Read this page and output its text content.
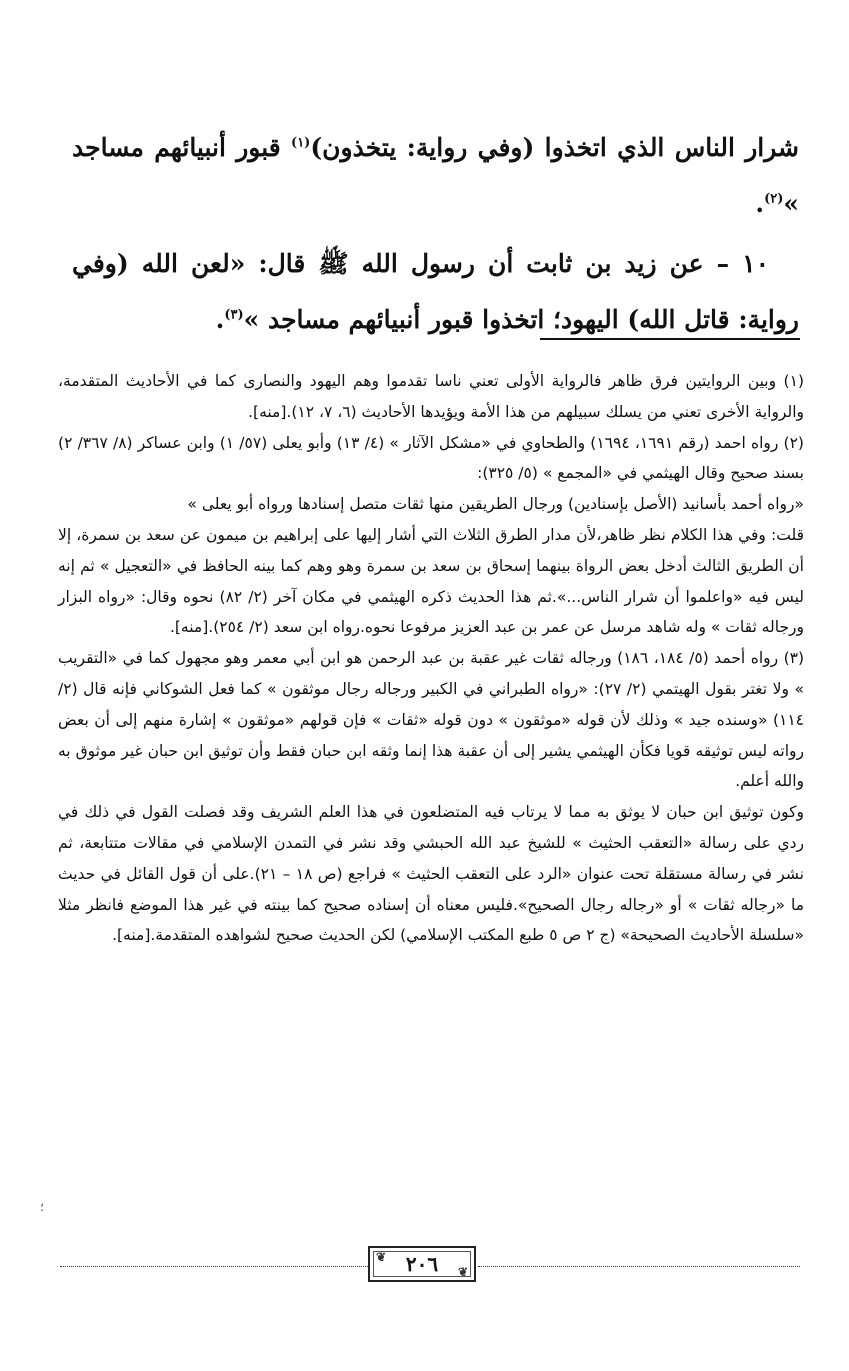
شرار الناس الذي اتخذوا (وفي رواية: يتخذون)$^{(١)}$ قبور أنبيائهم مساجد »$^{(٢)}$.

١٠ – عن زيد بن ثابت أن رسول الله ﷺ قال: «لعن الله (وفي رواية: قاتل الله) اليهود؛ اتخذوا قبور أنبيائهم مساجد »$^{(٣)}$.

(١) وبين الروايتين فرق ظاهر فالرواية الأولى تعني ناسا تقدموا وهم اليهود والنصارى كما في الأحاديث المتقدمة، والرواية الأخرى تعني من يسلك سبيلهم من هذا الأمة ويؤيدها الأحاديث (٦، ٧، ١٢).[منه].

(٢) رواه احمد (رقم ١٦٩١، ١٦٩٤) والطحاوي في «مشكل الآثار » (٤/ ١٣) وأبو يعلى (٥٧/ ١) وابن عساكر (٨/ ٣٦٧/ ٢) بسند صحيح وقال الهيثمي في «المجمع » (٥/ ٣٢٥):

«رواه أحمد بأسانيد (الأصل بإسنادين) ورجال الطريقين منها ثقات متصل إسنادها ورواه أبو يعلى »

قلت: وفي هذا الكلام نظر ظاهر،لأن مدار الطرق الثلاث التي أشار إليها على إبراهيم بن ميمون عن سعد بن سمرة، إلا أن الطريق الثالث أدخل بعض الرواة بينهما إسحاق بن سعد بن سمرة وهو وهم كما بينه الحافظ في «التعجيل » ثم إنه ليس فيه «واعلموا أن شرار الناس...».ثم هذا الحديث ذكره الهيثمي في مكان آخر (٢/ ٨٢) نحوه وقال: «رواه البزار ورجاله ثقات » وله شاهد مرسل عن عمر بن عبد العزيز مرفوعا نحوه.رواه ابن سعد (٢/ ٢٥٤).[منه].

(٣) رواه أحمد (٥/ ١٨٤، ١٨٦) ورجاله ثقات غير عقبة بن عبد الرحمن هو ابن أبي معمر وهو مجهول كما في «التقريب » ولا تغتر بقول الهيتمي (٢/ ٢٧): «رواه الطبراني في الكبير ورجاله رجال موثقون » كما فعل الشوكاني فإنه قال (٢/ ١١٤) «وسنده جيد » وذلك لأن قوله «موثقون » دون قوله «ثقات » فإن قولهم «موثقون » إشارة منهم إلى أن بعض رواته ليس توثيقه قويا فكأن الهيثمي يشير إلى أن عقبة هذا إنما وثقه ابن حبان فقط وأن توثيق ابن حبان غير موثوق به والله أعلم.

وكون توثيق ابن حبان لا يوثق به مما لا يرتاب فيه المتضلعون في هذا العلم الشريف وقد فصلت القول في ذلك في ردي على رسالة «التعقب الحثيث » للشيخ عبد الله الحبشي وقد نشر في التمدن الإسلامي في مقالات متتابعة، ثم نشر في رسالة مستقلة تحت عنوان «الرد على التعقب الحثيث » فراجع (ص ١٨ – ٢١).على أن قول القائل في حديث ما «رجاله ثقات » أو «رجاله رجال الصحيح».فليس معناه أن إسناده صحيح كما بينته في غير هذا الموضع فانظر مثلا «سلسلة الأحاديث الصحيحة» (ج ٢ ص ٥ طبع المكتب الإسلامي) لكن الحديث صحيح لشواهده المتقدمة.[منه].

؛
❦ ٢٠٦ ❦
